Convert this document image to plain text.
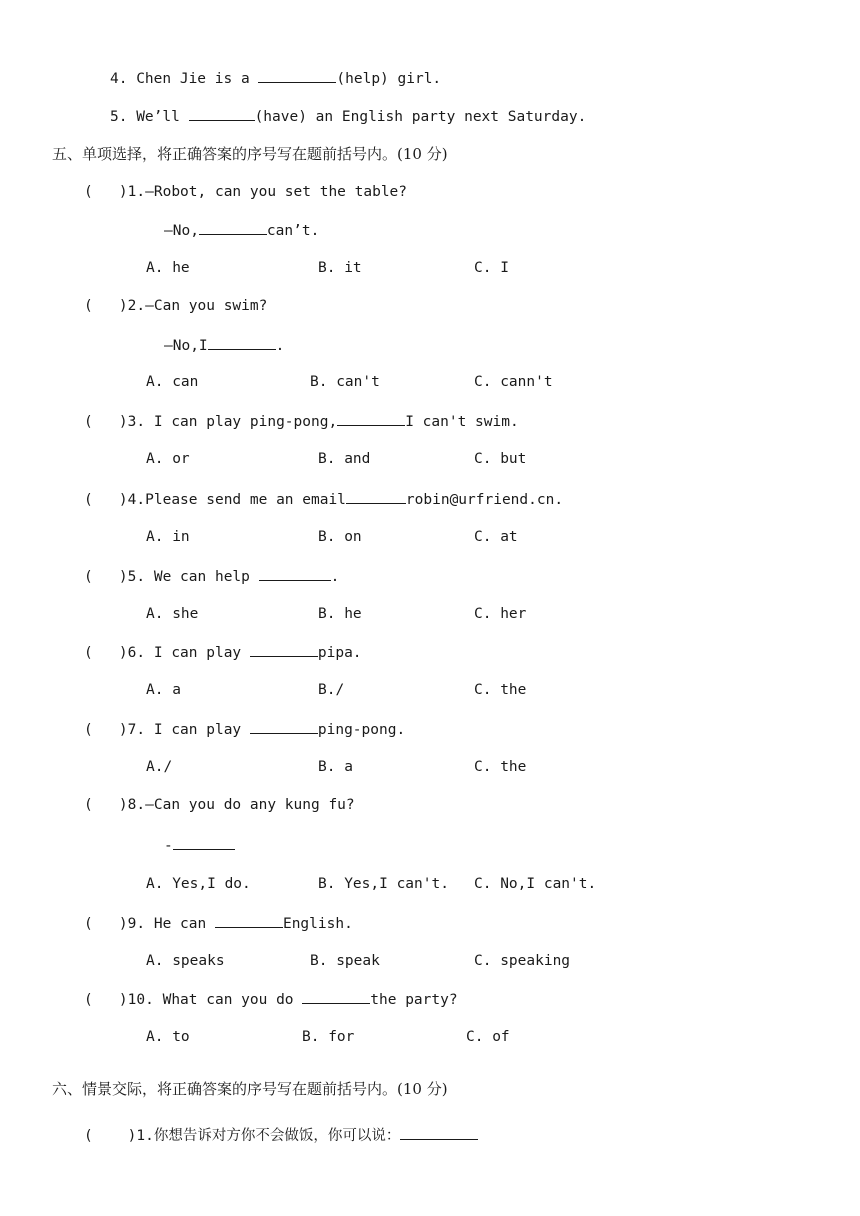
4. Chen Jie is a	(help) girl.
5. We’ll	(have) an English party next Saturday.
五、单项选择，将正确答案的序号写在题前括号内。(10 分)
(   )1.—Robot, can you set the table?
—No,	can’t.
A. he	B. it	C. I
(   )2.—Can you swim?
—No,I	.
A. can	B. can't	C. cann't
(   )3. I can play ping-pong,	I can't swim.
A. or	B. and	C. but
(   )4.Please send me an email	robin@urfriend.cn.
A. in	B. on	C. at
(   )5. We can help	.
A. she	B. he	C. her
(   )6. I can play	pipa.
A. a	B./	C. the
(   )7. I can play	ping-pong.
A./	B. a	C. the
(   )8.—Can you do any kung fu?
-
A. Yes,I do.	B. Yes,I can't. C. No,I can't.
(   )9. He can	English.
A. speaks	B. speak	C. speaking
(   )10. What can you do	the party?
A. to	B. for	C. of
六、情景交际，将正确答案的序号写在题前括号内。(10 分)
(    )1.你想告诉对方你不会做饭，你可以说：
